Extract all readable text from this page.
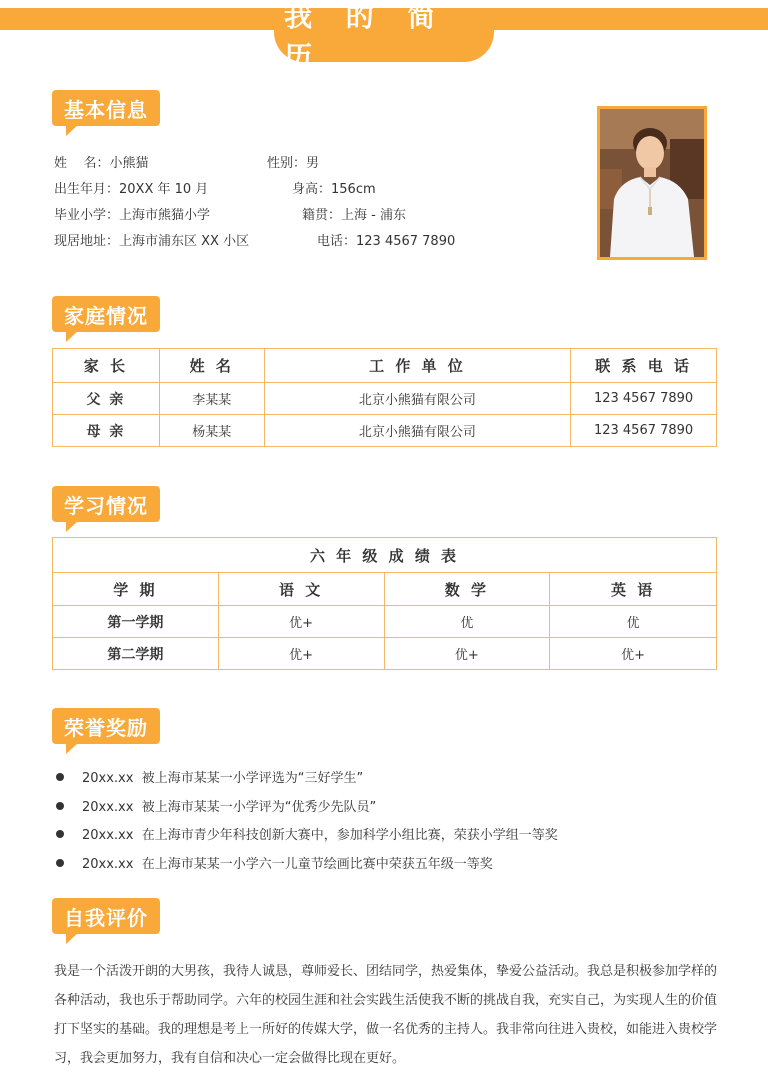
我 的 简 历
基本信息
姓    名：小熊猫	性别：男
出生年月：20XX 年 10 月	身高：156cm
毕业小学：上海市熊猫小学	籍贯：上海 - 浦东
现居地址：上海市浦东区 XX 小区	电话：123 4567 7890
家庭情况
家 长	姓 名	工 作 单 位	联 系 电 话
父 亲	李某某	北京小熊猫有限公司	123 4567 7890
母 亲	杨某某	北京小熊猫有限公司	123 4567 7890
学习情况
六 年 级 成 绩 表			
学 期	语 文	数 学	英 语
第一学期	优+	优	优
第二学期	优+	优+	优+
荣誉奖励
20xx.xx  被上海市某某一小学评选为“三好学生”
20xx.xx  被上海市某某一小学评为“优秀少先队员”
20xx.xx  在上海市青少年科技创新大赛中，参加科学小组比赛，荣获小学组一等奖
20xx.xx  在上海市某某一小学六一儿童节绘画比赛中荣获五年级一等奖
自我评价
我是一个活泼开朗的大男孩，我待人诚恳，尊师爱长、团结同学，热爱集体，挚爱公益活动。我总是积极参加学样的各种活动，我也乐于帮助同学。六年的校园生涯和社会实践生活使我不断的挑战自我，充实自己，为实现人生的价值打下坚实的基础。我的理想是考上一所好的传媒大学，做一名优秀的主持人。我非常向往进入贵校，如能进入贵校学习，我会更加努力，我有自信和决心一定会做得比现在更好。
